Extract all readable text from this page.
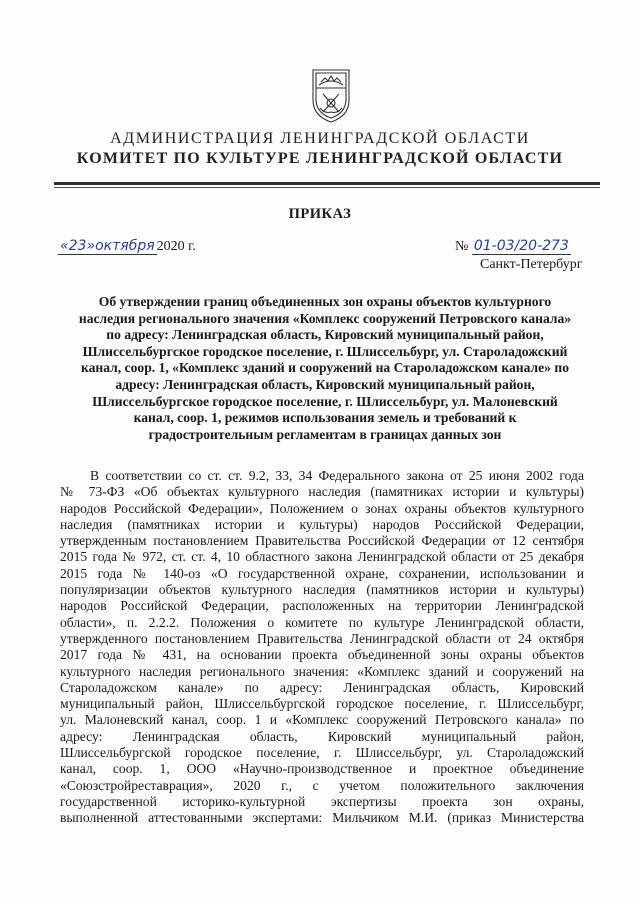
АДМИНИСТРАЦИЯ ЛЕНИНГРАДСКОЙ ОБЛАСТИ
КОМИТЕТ ПО КУЛЬТУРЕ ЛЕНИНГРАДСКОЙ ОБЛАСТИ
ПРИКАЗ
«23»октября 2020 г.	№ 01-03/20-273
Санкт-Петербург
Об утверждении границ объединенных зон охраны объектов культурного
наследия регионального значения «Комплекс сооружений Петровского канала»
по адресу: Ленинградская область, Кировский муниципальный район,
Шлиссельбургское городское поселение, г. Шлиссельбург, ул. Староладожский
канал, соор. 1, «Комплекс зданий и сооружений на Староладожском канале» по
адресу: Ленинградская область, Кировский муниципальный район,
Шлиссельбургское городское поселение, г. Шлиссельбург, ул. Малоневский
канал, соор. 1, режимов использования земель и требований к
градостроительным регламентам в границах данных зон
В соответствии со ст. ст. 9.2, 33, 34 Федерального закона от 25 июня 2002 года
№ 73-ФЗ «Об объектах культурного наследия (памятниках истории и культуры)
народов Российской Федерации», Положением о зонах охраны объектов культурного
наследия (памятниках истории и культуры) народов Российской Федерации,
утвержденным постановлением Правительства Российской Федерации от 12 сентября
2015 года № 972, ст. ст. 4, 10 областного закона Ленинградской области от 25 декабря
2015 года № 140-оз «О государственной охране, сохранении, использовании и
популяризации объектов культурного наследия (памятников истории и культуры)
народов Российской Федерации, расположенных на территории Ленинградской
области», п. 2.2.2. Положения о комитете по культуре Ленинградской области,
утвержденного постановлением Правительства Ленинградской области от 24 октября
2017 года № 431, на основании проекта объединенной зоны охраны объектов
культурного наследия регионального значения: «Комплекс зданий и сооружений на
Староладожском канале» по адресу: Ленинградская область, Кировский
муниципальный район, Шлиссельбургской городское поселение, г. Шлиссельбург,
ул. Малоневский канал, соор. 1 и «Комплекс сооружений Петровского канала» по
адресу: Ленинградская область, Кировский муниципальный район,
Шлиссельбургской городское поселение, г. Шлиссельбург, ул. Староладожский
канал, соор. 1, ООО «Научно-производственное и проектное объединение
«Союзстройреставрация», 2020 г., с учетом положительного заключения
государственной историко-культурной экспертизы проекта зон охраны,
выполненной аттестованными экспертами: Мильчиком М.И. (приказ Министерства
